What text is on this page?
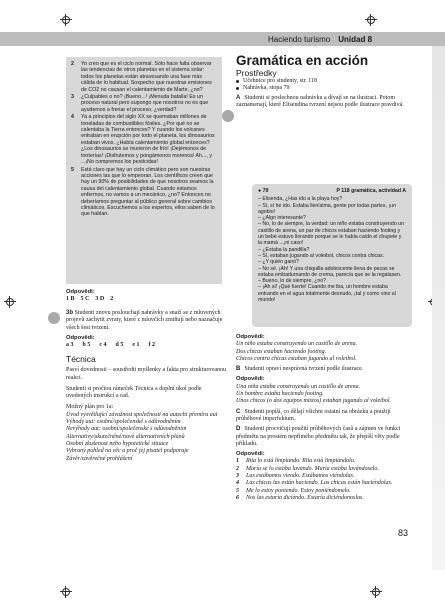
Haciendo turismo Unidad 8
2	Yo creo que es el ciclo normal. Sólo hace falta observar las tendencias de otros planetas en el sistema solar: todos los planetas están atravesando una fase más cálida de lo habitual. Sospecho que nuestras emisiones de CO2 no causan el calentamiento de Marte, ¿no?
3	¿Culpables o no? ¡Bueno...! ¡Menuda batalla! Es un proceso natural pero supongo que nosotros no es que ayudemos a frenar el proceso, ¿verdad?
4	Ya a principios del siglo XX se quemaban millones de toneladas de combustibles fósiles. ¿Por qué no se calentaba la Tierra entonces? Y cuando los volcanes entraban en erupción por todo el planeta, los dinosaurios estaban vivos. ¿Había calentamiento global entonces? ¿Los dinosaurios se murieron de frío! ¡Dejémonos de tonterías! ¡Disfrutemos y pongámonos morenos! Ah..., y ...¡No compremos los pesticidas!
5	Está claro que hay un ciclo climático pero son nuestras acciones las que lo empeoran. Los científicos creen que hay un 90% de posibilidades de que nosotros seamos la causa del calentamiento global. Cuando estamos enfermos, no vamos a un mecánico, ¿no? Entonces no deberíamos preguntar al público general sobre cambios climáticos. Escuchemos a los expertos, ellos saben de lo que hablan.
Odpovědi:
1 B 5 C 3 D 2
3b Studenti znovu poslouchají nahrávky a snaží se z mluvených projevů zachytit zvraty, které z mluvčích zmiňují nebo naznačuje všech šest tvrzení.
Odpovědi:
a 3 b 5 c 4 d 5 e 1 f 2
Técnica
Pasví dovednosti – soustředit myšlenky a fakta pro strukturovanou reakci.
Studenti si pročtou rámeček Técnica a doplní úkol podle uvedených instrukcí a rad.
Možný plán pro 1a:
Úvod vysvětlující závažnost společnosti na autechi přemíru aut
Výhody aut: osobní/společenské s odůvodněním
Nevýhody aut: osobní/společenské s odůvodněním
Alternativy/ukutečněné/nové alternativních plánů
Osobní zkušenost nebo hypotetické situace
Vybraný pohled na věc a proč jej pisatel podporuje
Závěr/závěrečné prohlášení
Gramática en acción
Prostředky
Učebnice pro studenty, str. 118
Nahrávka, stopa 79
A Studenti si poslechnou nahrávku a dívají se na ilustraci. Potom zaznamenají, které Elisendina tvrzení nejsou podle ilustrace pravdivá.
● 79	P 118 gramática, actividad A
– Elisenda, ¿Has ido a la playa hoy?
– Sí, sí he ido. Estaba llenísima, gente por todas partes, ¡un agobio!
– ¿Algo interesante?
– No, lo de siempre, la verdad: un niño estaba construyendo un castillo de arena, un par de chicos estaban haciendo footing y un bebé estuvo llorando porque se le había caído el chupete y la mamá ...¡ni caso!
– ¿Estaba la pandilla?
– Sí, estaban jugando al voleibol, chicos contra chicas.
– ¿Y quién ganó?
– No sé. ¡Ah! Y una chiquilla adolescente llena de pecas se estaba embadurnando de crema, parecía que se la regalasen.
– Bueno, lo de siempre, ¿no?
– ¡Ah sí! ¡Qué fuerte! Cuando me iba, un hombre estaba entrando en el agua totalmente desnudo, ¡tal y como vino al mundo!
Odpovědi:
Un niño estaba construyendo un castillo de arena.
Dos chicas estaban haciendo footing.
Chicos contra chicas estaban jugando al voleibol.
B Studenti opraví nesprávná tvrzení podle ilustrace.
Odpovědi:
Una niña estaba construyendo un castillo de arena.
Un hombre estaba haciendo footing.
Unos chicos (o dos equipos mixtos) estaban jugando al voleibol.
C Studenti popíší, co dělají všichni ostatní na obrázku a použijí průběhové imperfektum.
D Studenti procvičují použití průběhových časů a zájmen ve funkci předmětu na prostém nepřímého předmětu tak, že přepíší věty podle příkladu.
Odpovědi:
1	Rita lo está limpiando. Rita está limpiándolo.
2	María se lo estaba lavando. María estaba lavándoselo.
3	Las estábamos viendo. Estábamos viéndolas.
4	Las chicas las están haciendo. Las chicas están haciéndolas.
5	Me lo estoy poniendo. Estoy poniéndomelo.
6	Nos las estaría diciendo. Estaría diciéndonoslas.
83
